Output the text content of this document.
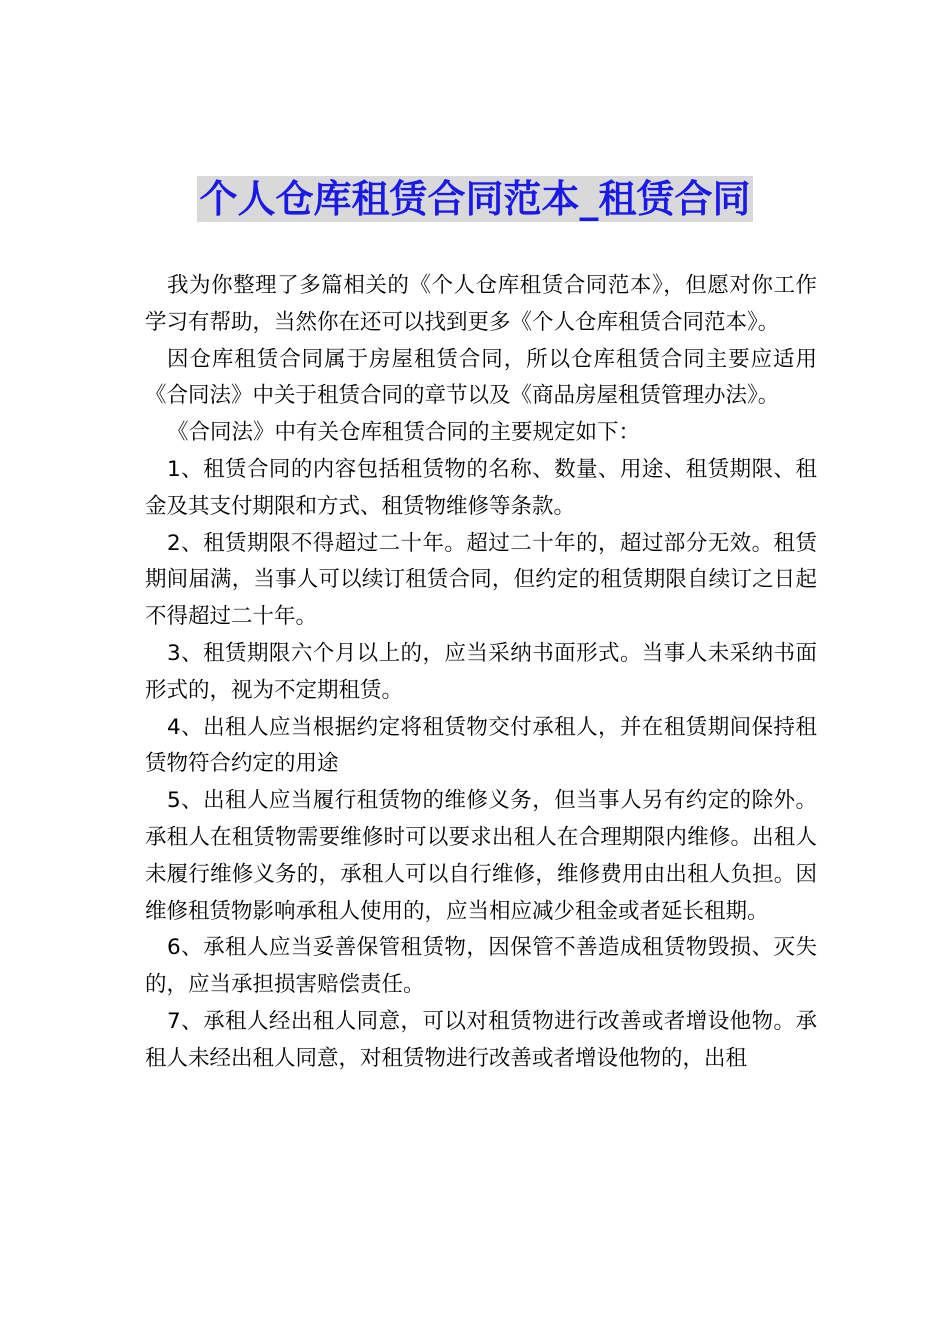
个人仓库租赁合同范本_租赁合同

我为你整理了多篇相关的《个人仓库租赁合同范本》，但愿对你工作学习有帮助，当然你在还可以找到更多《个人仓库租赁合同范本》。

因仓库租赁合同属于房屋租赁合同，所以仓库租赁合同主要应适用《合同法》中关于租赁合同的章节以及《商品房屋租赁管理办法》。

《合同法》中有关仓库租赁合同的主要规定如下：

1、租赁合同的内容包括租赁物的名称、数量、用途、租赁期限、租金及其支付期限和方式、租赁物维修等条款。

2、租赁期限不得超过二十年。超过二十年的，超过部分无效。租赁期间届满，当事人可以续订租赁合同，但约定的租赁期限自续订之日起不得超过二十年。

3、租赁期限六个月以上的，应当采纳书面形式。当事人未采纳书面形式的，视为不定期租赁。

4、出租人应当根据约定将租赁物交付承租人，并在租赁期间保持租赁物符合约定的用途

5、出租人应当履行租赁物的维修义务，但当事人另有约定的除外。承租人在租赁物需要维修时可以要求出租人在合理期限内维修。出租人未履行维修义务的，承租人可以自行维修，维修费用由出租人负担。因维修租赁物影响承租人使用的，应当相应减少租金或者延长租期。

6、承租人应当妥善保管租赁物，因保管不善造成租赁物毁损、灭失的，应当承担损害赔偿责任。

7、承租人经出租人同意，可以对租赁物进行改善或者增设他物。承租人未经出租人同意，对租赁物进行改善或者增设他物的，出租
